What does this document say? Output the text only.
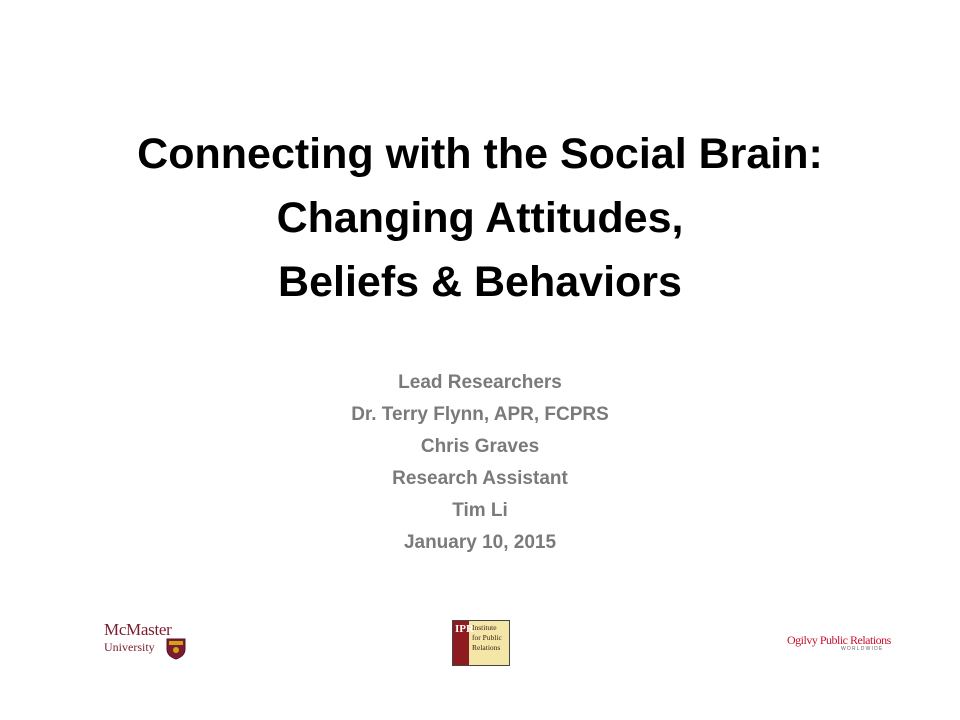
Connecting with the Social Brain:
Changing Attitudes,
Beliefs & Behaviors
Lead Researchers
Dr. Terry Flynn, APR, FCPRS
Chris Graves
Research Assistant
Tim Li
January 10, 2015
McMaster
University
IPR
Institute
for Public
Relations
Ogilvy Public Relations
WORLDWIDE
